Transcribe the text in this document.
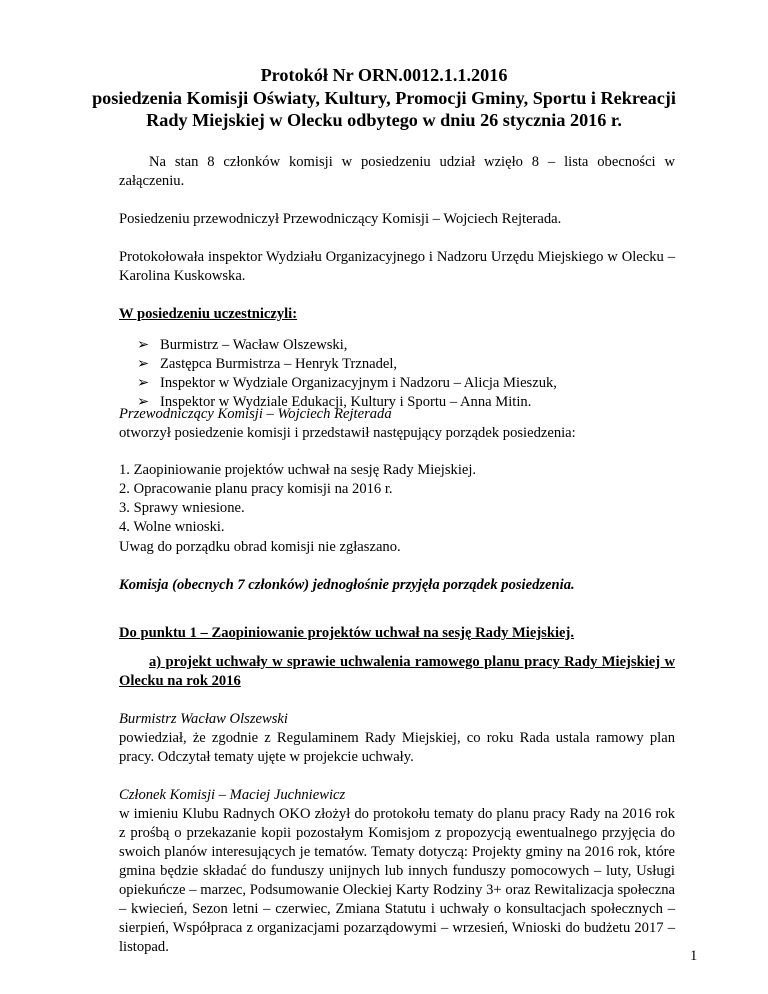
Protokół Nr ORN.0012.1.1.2016
posiedzenia Komisji Oświaty, Kultury, Promocji Gminy, Sportu i Rekreacji
Rady Miejskiej w Olecku odbytego w dniu 26 stycznia 2016 r.
Na stan 8 członków komisji w posiedzeniu udział wzięło 8 – lista obecności w załączeniu.
Posiedzeniu przewodniczył Przewodniczący Komisji – Wojciech Rejterada.
Protokołowała inspektor Wydziału Organizacyjnego i Nadzoru Urzędu Miejskiego w Olecku – Karolina Kuskowska.
W posiedzeniu uczestniczyli:
➢ Burmistrz – Wacław Olszewski,
➢ Zastępca Burmistrza – Henryk Trznadel,
➢ Inspektor w Wydziale Organizacyjnym i Nadzoru – Alicja Mieszuk,
➢ Inspektor w Wydziale Edukacji, Kultury i Sportu – Anna Mitin.
Przewodniczący Komisji – Wojciech Rejterada
otworzył posiedzenie komisji i przedstawił następujący porządek posiedzenia:
1. Zaopiniowanie projektów uchwał na sesję Rady Miejskiej.
2. Opracowanie planu pracy komisji na 2016 r.
3. Sprawy wniesione.
4. Wolne wnioski.
Uwag do porządku obrad komisji nie zgłaszano.
Komisja (obecnych 7 członków) jednogłośnie przyjęła porządek posiedzenia.
Do punktu 1 – Zaopiniowanie projektów uchwał na sesję Rady Miejskiej.
a) projekt uchwały w sprawie uchwalenia ramowego planu pracy Rady Miejskiej w Olecku na rok 2016
Burmistrz Wacław Olszewski
powiedział, że zgodnie z Regulaminem Rady Miejskiej, co roku Rada ustala ramowy plan pracy. Odczytał tematy ujęte w projekcie uchwały.
Członek Komisji – Maciej Juchniewicz
w imieniu Klubu Radnych OKO złożył do protokołu tematy do planu pracy Rady na 2016 rok z prośbą o przekazanie kopii pozostałym Komisjom z propozycją ewentualnego przyjęcia do swoich planów interesujących je tematów. Tematy dotyczą: Projekty gminy na 2016 rok, które gmina będzie składać do funduszy unijnych lub innych funduszy pomocowych – luty, Usługi opiekuńcze – marzec, Podsumowanie Oleckiej Karty Rodziny 3+ oraz Rewitalizacja społeczna – kwiecień, Sezon letni – czerwiec, Zmiana Statutu i uchwały o konsultacjach społecznych – sierpień, Współpraca z organizacjami pozarządowymi – wrzesień, Wnioski do budżetu 2017 – listopad.
1
